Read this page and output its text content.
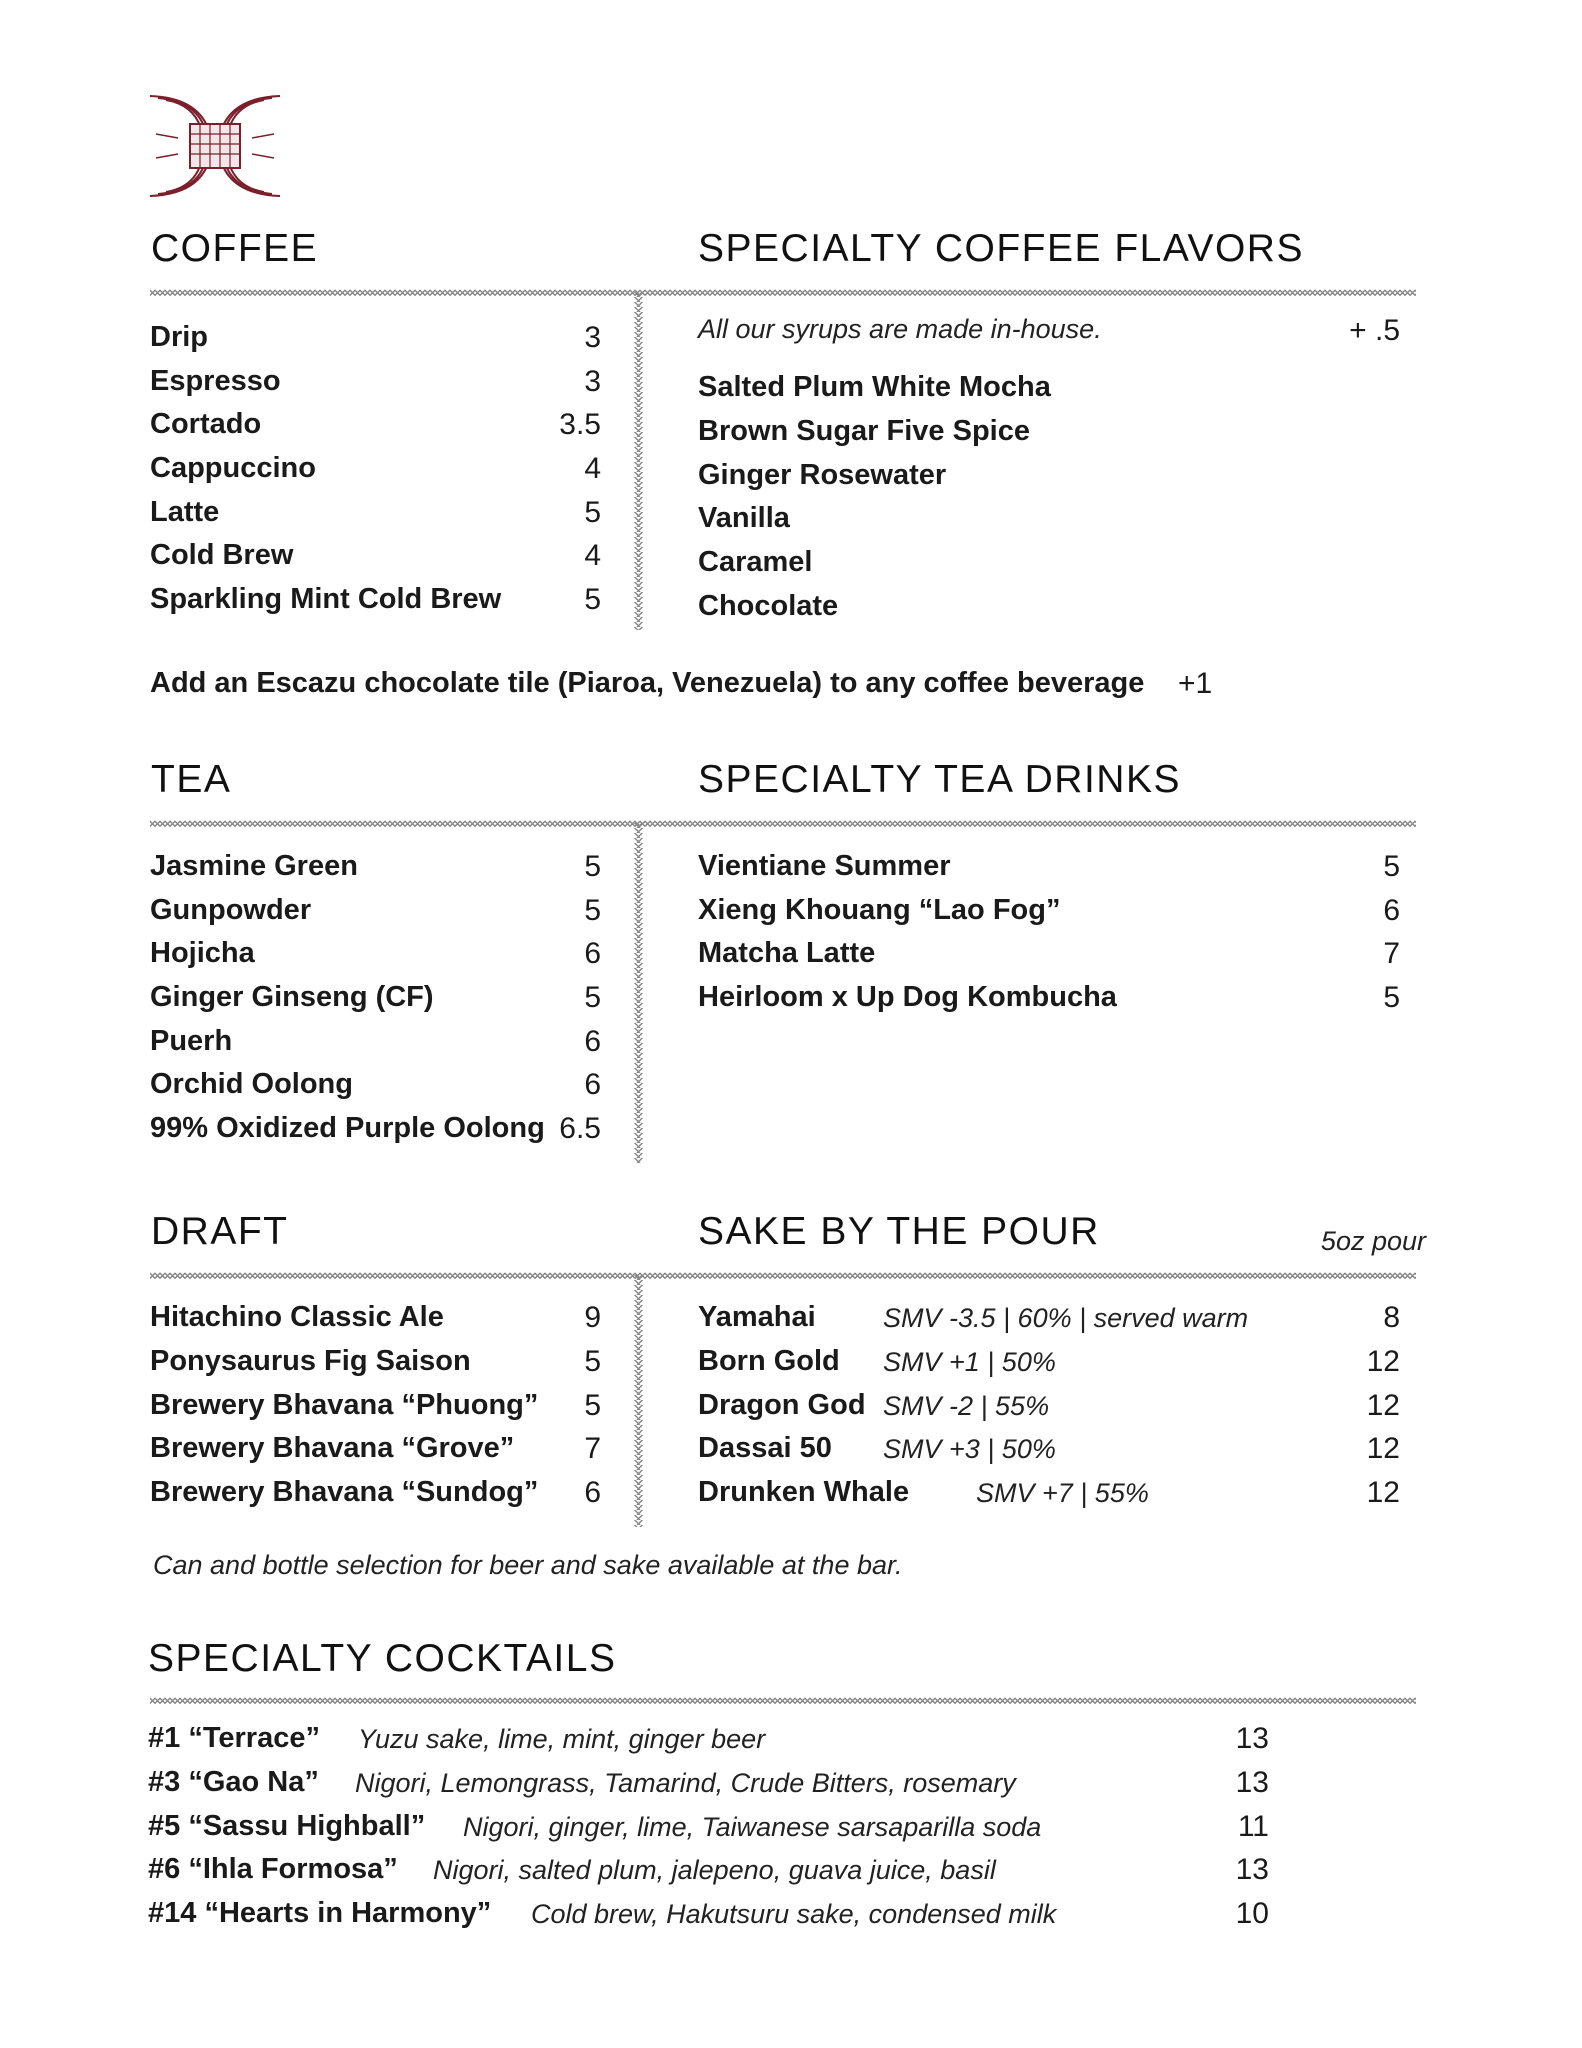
COFFEE	SPECIALTY COFFEE FLAVORS
Drip	3
Espresso	3
Cortado	3.5
Cappuccino	4
Latte	5
Cold Brew	4
Sparkling Mint Cold Brew	5
All our syrups are made in-house.	+ .5
Salted Plum White Mocha
Brown Sugar Five Spice
Ginger Rosewater
Vanilla
Caramel
Chocolate
Add an Escazu chocolate tile (Piaroa, Venezuela) to any coffee beverage +1
TEA	SPECIALTY TEA DRINKS
Jasmine Green	5
Gunpowder	5
Hojicha	6
Ginger Ginseng (CF)	5
Puerh	6
Orchid Oolong	6
99% Oxidized Purple Oolong 6.5
Vientiane Summer	5
Xieng Khouang “Lao Fog”	6
Matcha Latte	7
Heirloom x Up Dog Kombucha	5
DRAFT	SAKE BY THE POUR	5oz pour
Hitachino Classic Ale	9
Ponysaurus Fig Saison	5
Brewery Bhavana “Phuong” 5
Brewery Bhavana “Grove” 7
Brewery Bhavana “Sundog” 6
Yamahai SMV -3.5 | 60% | served warm	8
Born Gold SMV +1 | 50%	12
Dragon God SMV -2 | 55%	12
Dassai 50 SMV +3 | 50%	12
Drunken Whale SMV +7 | 55%	12
Can and bottle selection for beer and sake available at the bar.
SPECIALTY COCKTAILS
#1 “Terrace” Yuzu sake, lime, mint, ginger beer	13
#3 “Gao Na” Nigori, Lemongrass, Tamarind, Crude Bitters, rosemary	13
#5 “Sassu Highball” Nigori, ginger, lime, Taiwanese sarsaparilla soda	11
#6 “Ihla Formosa” Nigori, salted plum, jalepeno, guava juice, basil	13
#14 “Hearts in Harmony” Cold brew, Hakutsuru sake, condensed milk	10
